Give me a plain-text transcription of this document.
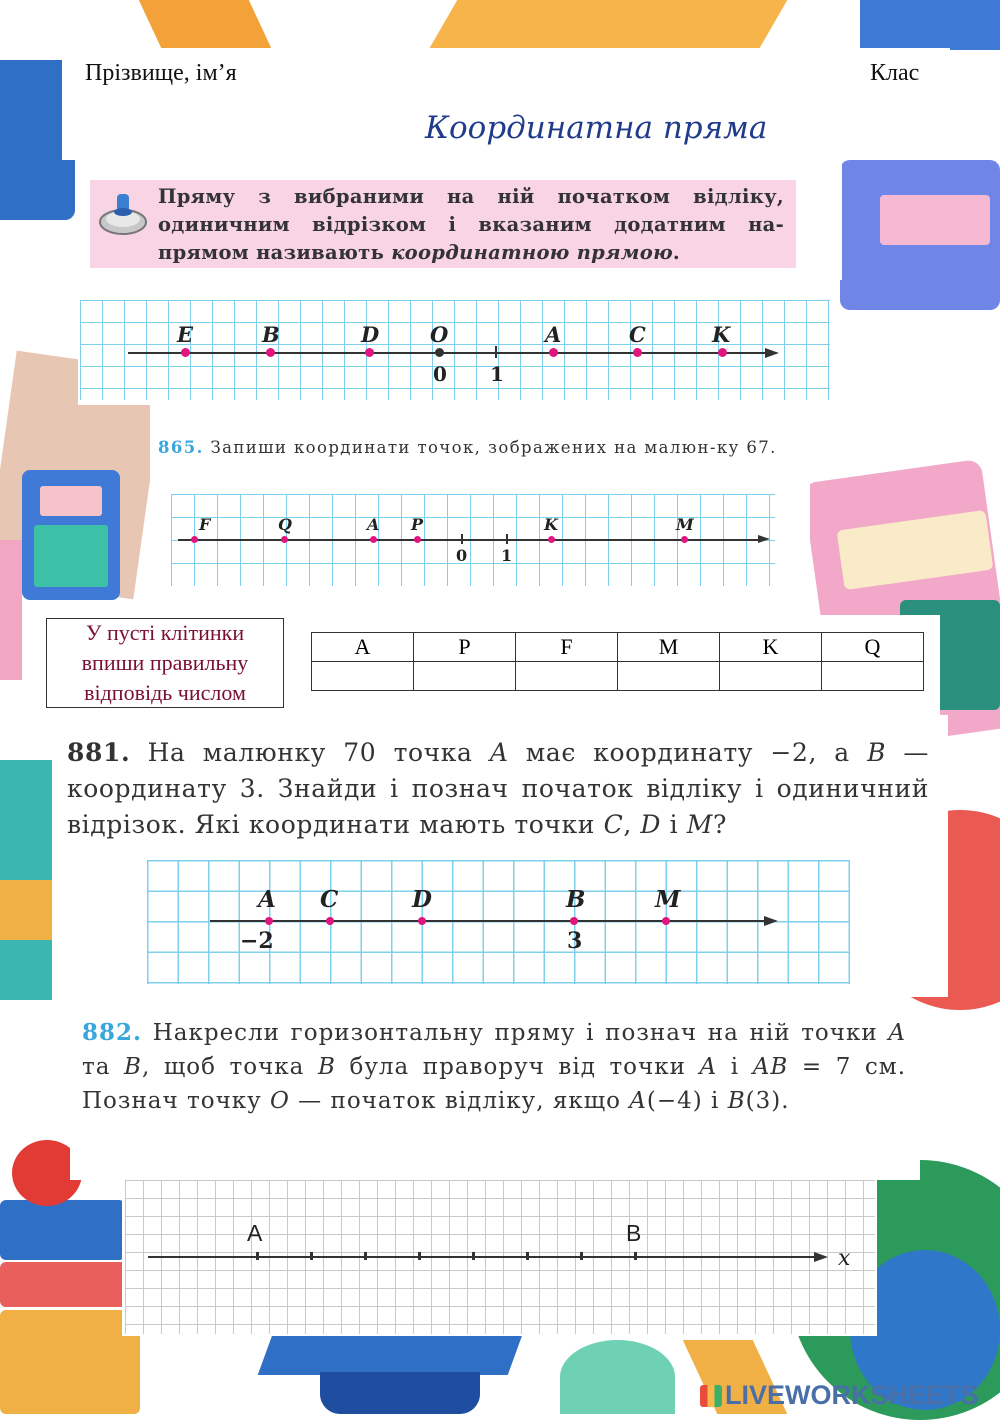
Прізвище, ім’я	Клас
Координатна пряма
Пряму з вибраними на ній початком відліку, одиничним відрізком і вказаним додатним на-прямом називають координатною прямою.
E	B	D O	A	C	K
0 1
865. Запиши координати точок, зображених на малюн-ку 67.
F	Q	A P	K	M
0 1
У пусті клітинки впиши правильну відповідь числом
A	P	F	M	K	Q

881. На малюнку 70 точка A має координату −2, а B — координату 3. Знайди і познач початок відліку і одиничний відрізок. Які координати мають точки C, D і M?
A C	D	B	M
−2	3
882. Накресли горизонтальну пряму і познач на ній точки A та B, щоб точка B була праворуч від точки A і AB = 7 см. Познач точку O — початок відліку, якщо A(−4) і B(3).
A	B
x
LIVEWORKSHEETS
